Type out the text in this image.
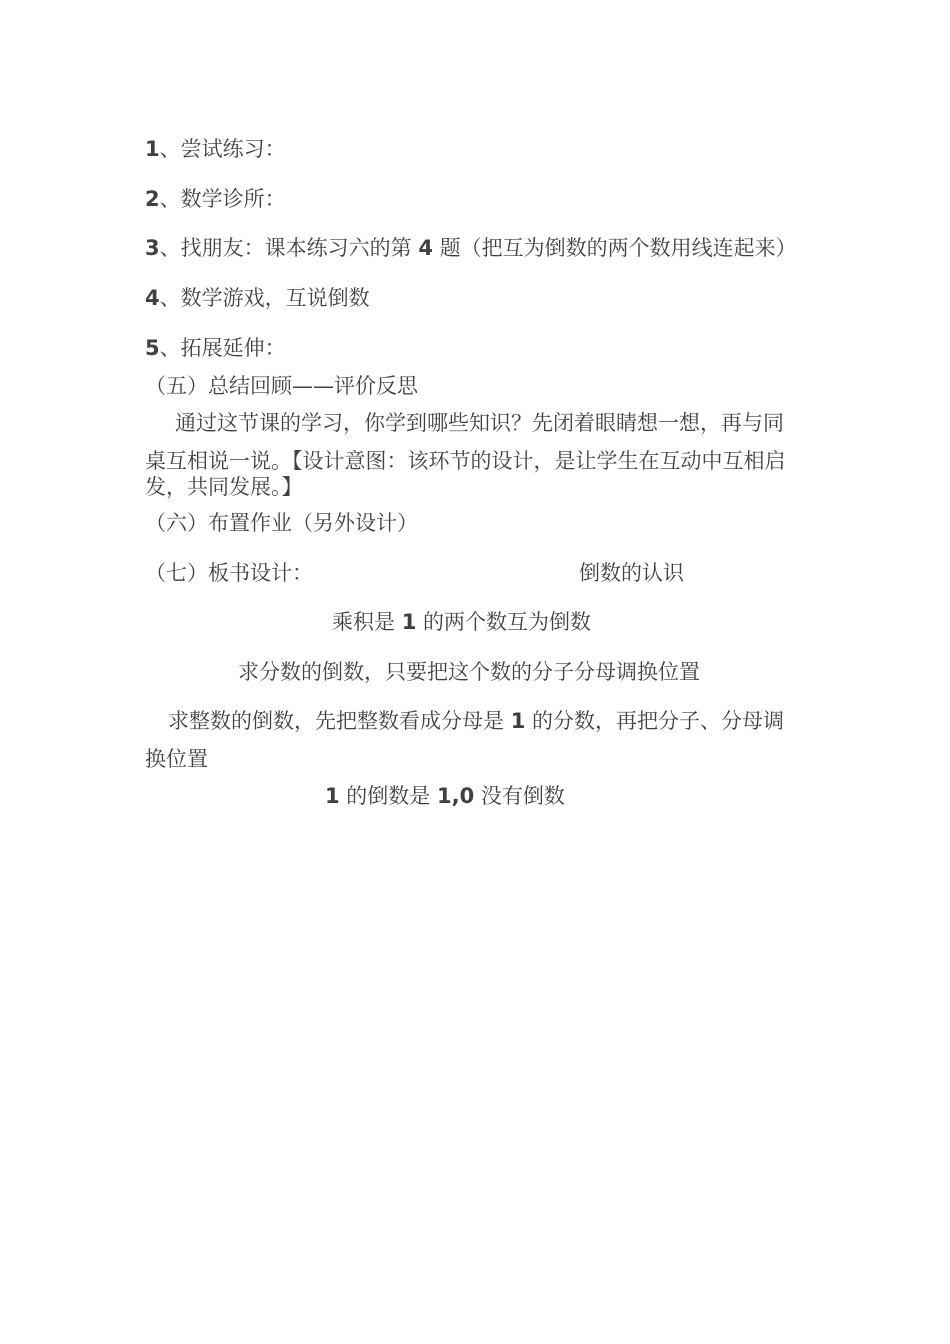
1、尝试练习：
2、数学诊所：
3、找朋友：课本练习六的第 4 题（把互为倒数的两个数用线连起来）
4、数学游戏，互说倒数
5、拓展延伸：
（五）总结回顾——评价反思
通过这节课的学习，你学到哪些知识？先闭着眼睛想一想，再与同
桌互相说一说。【设计意图：该环节的设计，是让学生在互动中互相启
发，共同发展。】
（六）布置作业（另外设计）
（七）板书设计：	倒数的认识
乘积是 1 的两个数互为倒数
求分数的倒数，只要把这个数的分子分母调换位置
求整数的倒数，先把整数看成分母是 1 的分数，再把分子、分母调
换位置
1 的倒数是 1,0 没有倒数
